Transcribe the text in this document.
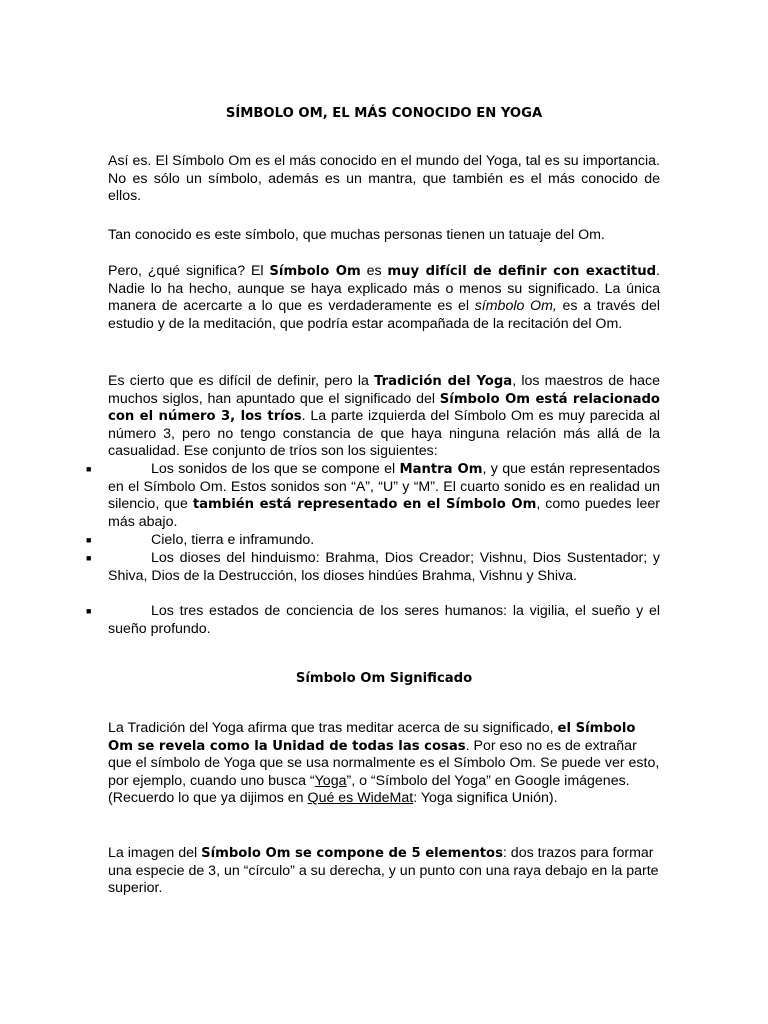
SÍMBOLO OM, EL MÁS CONOCIDO EN YOGA

Así es. El Símbolo Om es el más conocido en el mundo del Yoga, tal es su importancia. No es sólo un símbolo, además es un mantra, que también es el más conocido de ellos.

Tan conocido es este símbolo, que muchas personas tienen un tatuaje del Om.

Pero, ¿qué significa? El Símbolo Om es muy difícil de definir con exactitud. Nadie lo ha hecho, aunque se haya explicado más o menos su significado. La única manera de acercarte a lo que es verdaderamente es el símbolo Om, es a través del estudio y de la meditación, que podría estar acompañada de la recitación del Om.

Es cierto que es difícil de definir, pero la Tradición del Yoga, los maestros de hace muchos siglos, han apuntado que el significado del Símbolo Om está relacionado con el número 3, los tríos. La parte izquierda del Símbolo Om es muy parecida al número 3, pero no tengo constancia de que haya ninguna relación más allá de la casualidad. Ese conjunto de tríos son los siguientes:

■	Los sonidos de los que se compone el Mantra Om, y que están representados en el Símbolo Om. Estos sonidos son “A”, “U” y “M”. El cuarto sonido es en realidad un silencio, que también está representado en el Símbolo Om, como puedes leer más abajo.

■	Cielo, tierra e inframundo.

■	Los dioses del hinduismo: Brahma, Dios Creador; Vishnu, Dios Sustentador; y Shiva, Dios de la Destrucción, los dioses hindúes Brahma, Vishnu y Shiva.

■	Los tres estados de conciencia de los seres humanos: la vigilia, el sueño y el sueño profundo.

Símbolo Om Significado

La Tradición del Yoga afirma que tras meditar acerca de su significado, el Símbolo Om se revela como la Unidad de todas las cosas. Por eso no es de extrañar que el símbolo de Yoga que se usa normalmente es el Símbolo Om. Se puede ver esto, por ejemplo, cuando uno busca “Yoga”, o “Símbolo del Yoga” en Google imágenes. (Recuerdo lo que ya dijimos en Qué es WideMat: Yoga significa Unión).

La imagen del Símbolo Om se compone de 5 elementos: dos trazos para formar una especie de 3, un “círculo” a su derecha, y un punto con una raya debajo en la parte superior.
